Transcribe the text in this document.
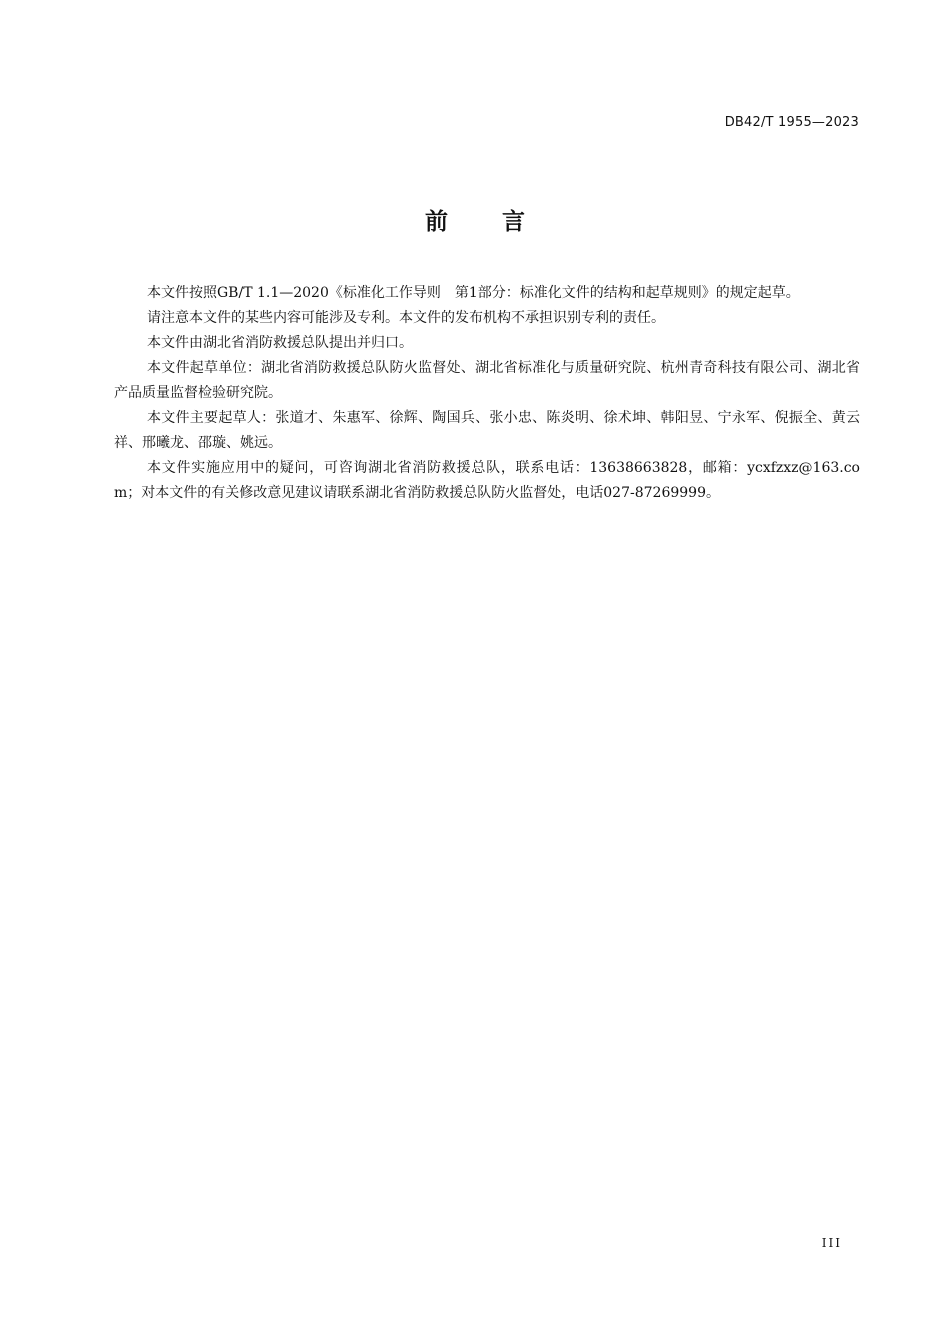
DB42/T 1955—2023
前言

本文件按照GB/T 1.1—2020《标准化工作导则　第1部分：标准化文件的结构和起草规则》的规定起草。

请注意本文件的某些内容可能涉及专利。本文件的发布机构不承担识别专利的责任。

本文件由湖北省消防救援总队提出并归口。

本文件起草单位：湖北省消防救援总队防火监督处、湖北省标准化与质量研究院、杭州青奇科技有限公司、湖北省产品质量监督检验研究院。

本文件主要起草人：张道才、朱惠军、徐辉、陶国兵、张小忠、陈炎明、徐术坤、韩阳昱、宁永军、倪振全、黄云祥、邢曦龙、邵璇、姚远。

本文件实施应用中的疑问，可咨询湖北省消防救援总队，联系电话：13638663828，邮箱：ycxfzxz@163.com；对本文件的有关修改意见建议请联系湖北省消防救援总队防火监督处，电话027-87269999。

III
